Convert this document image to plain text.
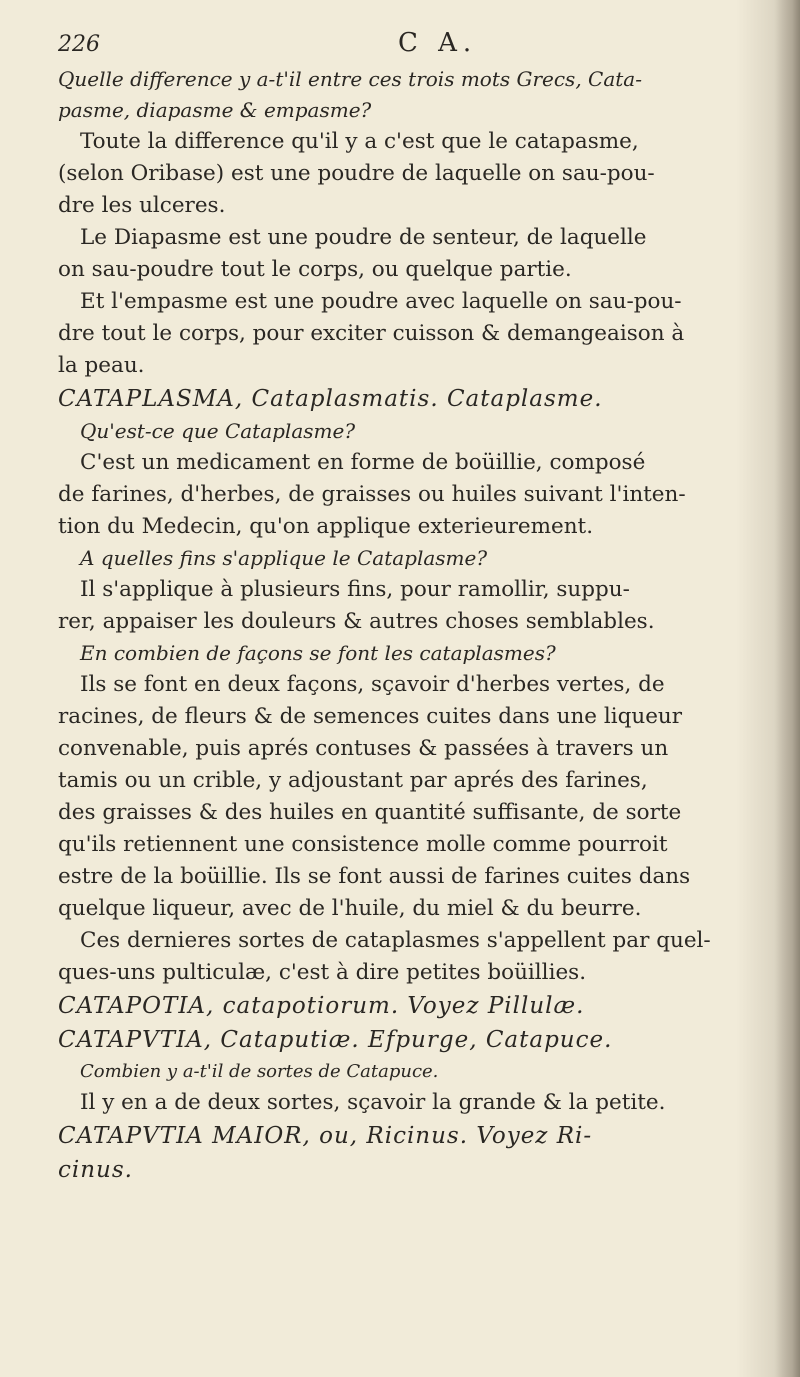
226	C A.
Quelle difference y a-t'il entre ces trois mots Grecs, Cata-
pasme, diapasme & empasme?
Toute la difference qu'il y a c'est que le catapasme,
(selon Oribase) est une poudre de laquelle on sau-pou-
dre les ulceres.
Le Diapasme est une poudre de senteur, de laquelle
on sau-poudre tout le corps, ou quelque partie.
Et l'empasme est une poudre avec laquelle on sau-pou-
dre tout le corps, pour exciter cuisson & demangeaison à
la peau.
CATAPLASMA, Cataplasmatis. Cataplasme.
Qu'est-ce que Cataplasme?
C'est un medicament en forme de boüillie, composé
de farines, d'herbes, de graisses ou huiles suivant l'inten-
tion du Medecin, qu'on applique exterieurement.
A quelles fins s'applique le Cataplasme?
Il s'applique à plusieurs fins, pour ramollir, suppu-
rer, appaiser les douleurs & autres choses semblables.
En combien de façons se font les cataplasmes?
Ils se font en deux façons, sçavoir d'herbes vertes, de
racines, de fleurs & de semences cuites dans une liqueur
convenable, puis aprés contuses & passées à travers un
tamis ou un crible, y adjoustant par aprés des farines,
des graisses & des huiles en quantité suffisante, de sorte
qu'ils retiennent une consistence molle comme pourroit
estre de la boüillie. Ils se font aussi de farines cuites dans
quelque liqueur, avec de l'huile, du miel & du beurre.
Ces dernieres sortes de cataplasmes s'appellent par quel-
ques-uns pulticulæ, c'est à dire petites boüillies.
CATAPOTIA, catapotiorum. Voyez Pillulæ.
CATAPVTIA, Cataputiæ. Efpurge, Catapuce.
Combien y a-t'il de sortes de Catapuce.
Il y en a de deux sortes, sçavoir la grande & la petite.
CATAPVTIA MAIOR, ou, Ricinus. Voyez Ri-
cinus.
